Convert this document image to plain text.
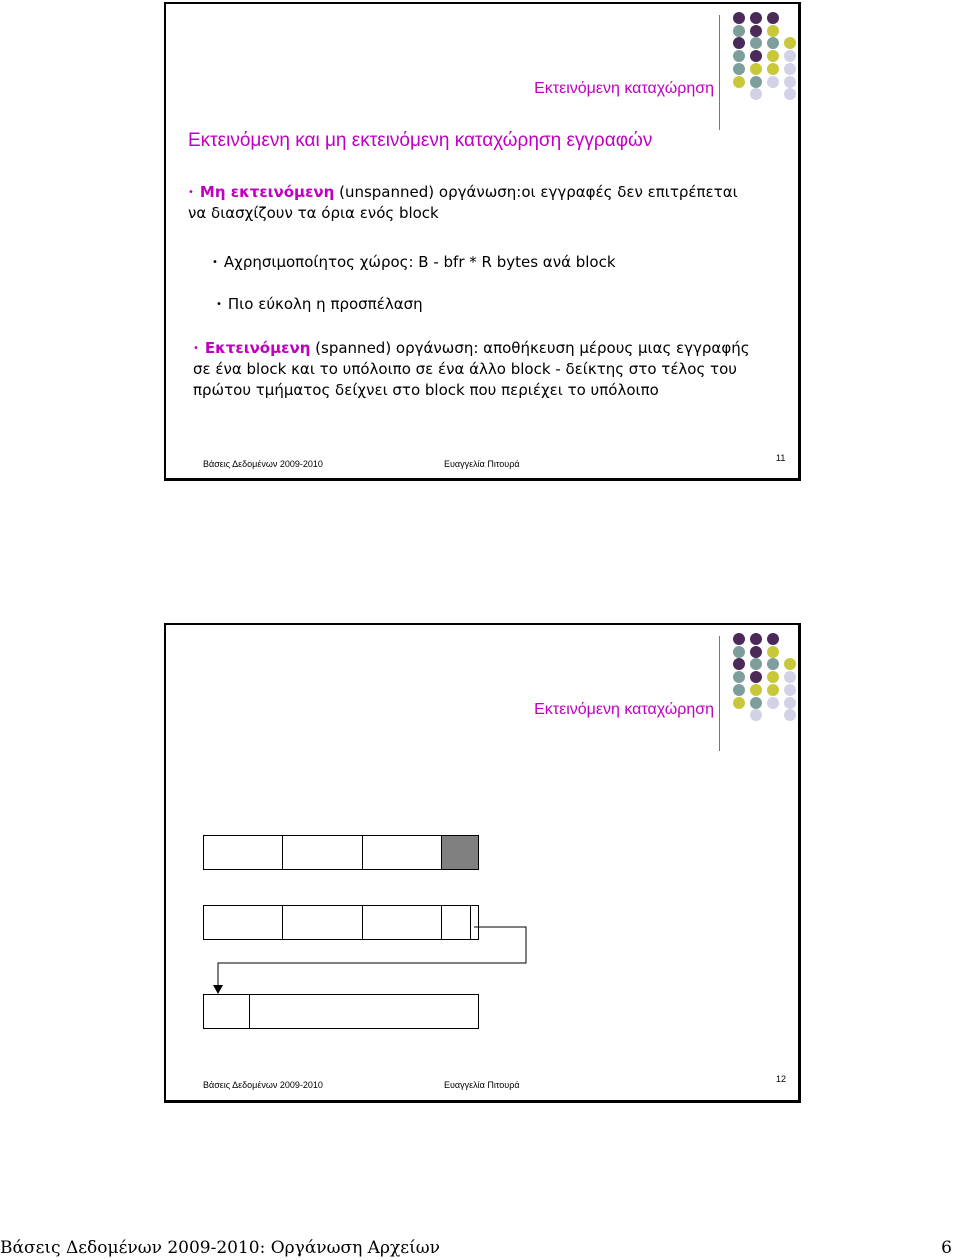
Εκτεινόμενη καταχώρηση
Εκτεινόμενη και μη εκτεινόμενη καταχώρηση εγγραφών
• Μη εκτεινόμενη (unspanned) οργάνωση:οι εγγραφές δεν επιτρέπεται
να διασχίζουν τα όρια ενός block
• Αχρησιμοποίητος χώρος: B - bfr * R bytes ανά block
• Πιο εύκολη η προσπέλαση
• Εκτεινόμενη (spanned) οργάνωση: αποθήκευση μέρους μιας εγγραφής
σε ένα block και το υπόλοιπο σε ένα άλλο block - δείκτης στο τέλος του
πρώτου τμήματος δείχνει στο block που περιέχει το υπόλοιπο
Βάσεις Δεδομένων 2009-2010	Ευαγγελία Πιτουρά
11
Εκτεινόμενη καταχώρηση
Βάσεις Δεδομένων 2009-2010	Ευαγγελία Πιτουρά
12
Βάσεις Δεδομένων 2009-2010: Οργάνωση Αρχείων	6
